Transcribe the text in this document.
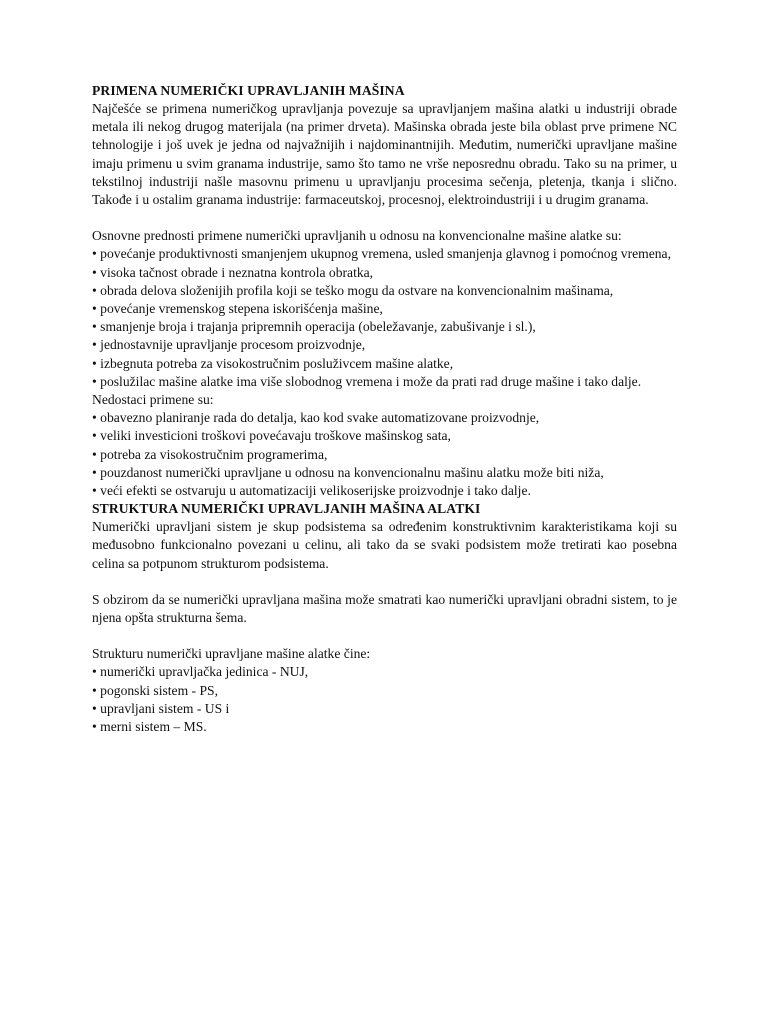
PRIMENA NUMERIČKI UPRAVLJANIH MAŠINA

Najčešće se primena numeričkog upravljanja povezuje sa upravljanjem mašina alatki u industriji obrade metala ili nekog drugog materijala (na primer drveta). Mašinska obrada jeste bila oblast prve primene NC tehnologije i još uvek je jedna od najvažnijih i najdominantnijih. Međutim, numerički upravljane mašine imaju primenu u svim granama industrije, samo što tamo ne vrše neposrednu obradu. Tako su na primer, u tekstilnoj industriji našle masovnu primenu u upravljanju procesima sečenja, pletenja, tkanja i slično. Takođe i u ostalim granama industrije: farmaceutskoj, procesnoj, elektroindustriji i u drugim granama.

Osnovne prednosti primene numerički upravljanih u odnosu na konvencionalne mašine alatke su:

• povećanje produktivnosti smanjenjem ukupnog vremena, usled smanjenja glavnog i pomoćnog vremena,
• visoka tačnost obrade i neznatna kontrola obratka,
• obrada delova složenijih profila koji se teško mogu da ostvare na konvencionalnim mašinama,
• povećanje vremenskog stepena iskorišćenja mašine,
• smanjenje broja i trajanja pripremnih operacija (obeležavanje, zabušivanje i sl.),
• jednostavnije upravljanje procesom proizvodnje,
• izbegnuta potreba za visokostručnim posluživcem mašine alatke,
• poslužilac mašine alatke ima više slobodnog vremena i može da prati rad druge mašine i tako dalje.

Nedostaci primene su:

• obavezno planiranje rada do detalja, kao kod svake automatizovane proizvodnje,
• veliki investicioni troškovi povećavaju troškove mašinskog sata,
• potreba za visokostručnim programerima,
• pouzdanost numerički upravljane u odnosu na konvencionalnu mašinu alatku može biti niža,
• veći efekti se ostvaruju u automatizaciji velikoserijske proizvodnje i tako dalje.
STRUKTURA NUMERIČKI UPRAVLJANIH MAŠINA ALATKI

Numerički upravljani sistem je skup podsistema sa određenim konstruktivnim karakteristikama koji su međusobno funkcionalno povezani u celinu, ali tako da se svaki podsistem može tretirati kao posebna celina sa potpunom strukturom podsistema.

S obzirom da se numerički upravljana mašina može smatrati kao numerički upravljani obradni sistem, to je njena opšta strukturna šema.

Strukturu numerički upravljane mašine alatke čine:

• numerički upravljačka jedinica - NUJ,
• pogonski sistem - PS,
• upravljani sistem - US i
• merni sistem – MS.
